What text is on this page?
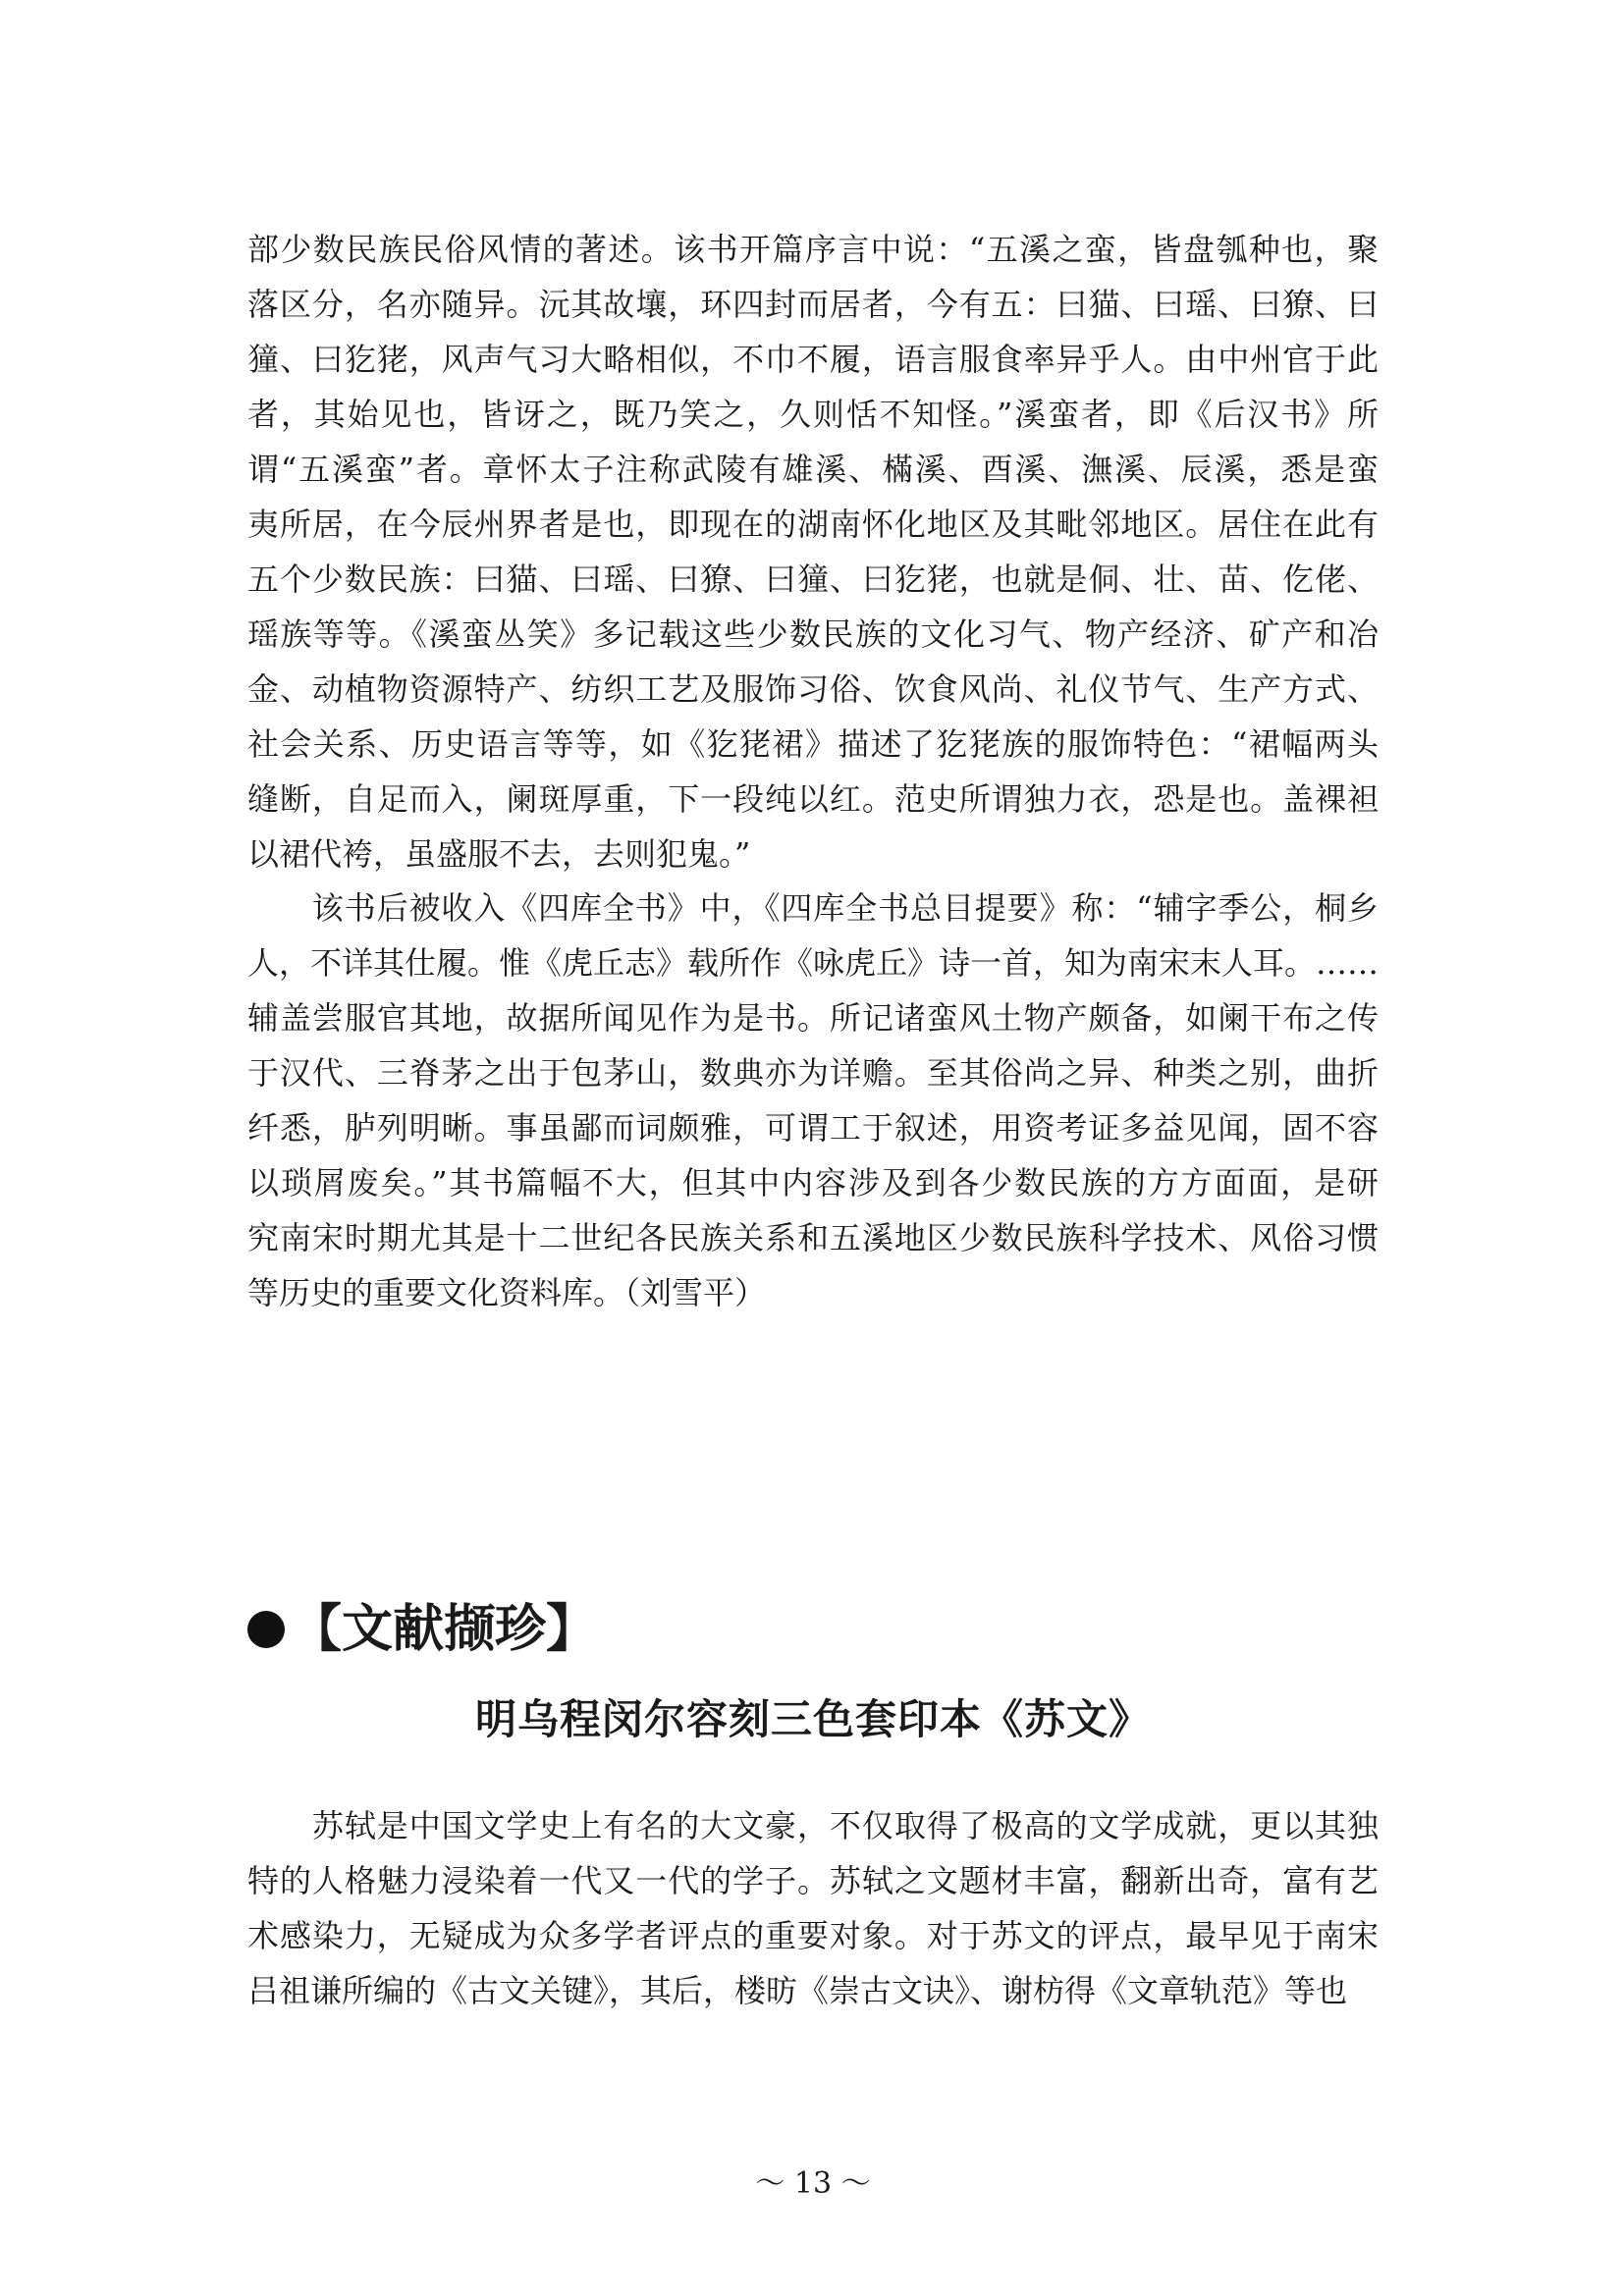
部少数民族民俗风情的著述。该书开篇序言中说：“五溪之蛮，皆盘瓠种也，聚
落区分，名亦随异。沅其故壤，环四封而居者，今有五：曰猫、曰瑶、曰獠、曰
獞、曰犵狫，风声气习大略相似，不巾不履，语言服食率异乎人。由中州官于此
者，其始见也，皆讶之，既乃笑之，久则恬不知怪。”溪蛮者，即《后汉书》所
谓“五溪蛮”者。章怀太子注称武陵有雄溪、樠溪、酉溪、潕溪、辰溪，悉是蛮
夷所居，在今辰州界者是也，即现在的湖南怀化地区及其毗邻地区。居住在此有
五个少数民族：曰猫、曰瑶、曰獠、曰獞、曰犵狫，也就是侗、壮、苗、仡佬、
瑶族等等。《溪蛮丛笑》多记载这些少数民族的文化习气、物产经济、矿产和冶
金、动植物资源特产、纺织工艺及服饰习俗、饮食风尚、礼仪节气、生产方式、
社会关系、历史语言等等，如《犵狫裙》描述了犵狫族的服饰特色：“裙幅两头
缝断，自足而入，阑斑厚重，下一段纯以红。范史所谓独力衣，恐是也。盖裸袒
以裙代袴，虽盛服不去，去则犯鬼。”
　　该书后被收入《四库全书》中，《四库全书总目提要》称：“辅字季公，桐乡
人，不详其仕履。惟《虎丘志》载所作《咏虎丘》诗一首，知为南宋末人耳。……
辅盖尝服官其地，故据所闻见作为是书。所记诸蛮风土物产颇备，如阑干布之传
于汉代、三脊茅之出于包茅山，数典亦为详赡。至其俗尚之异、种类之别，曲折
纤悉，胪列明晰。事虽鄙而词颇雅，可谓工于叙述，用资考证多益见闻，固不容
以琐屑废矣。”其书篇幅不大，但其中内容涉及到各少数民族的方方面面，是研
究南宋时期尤其是十二世纪各民族关系和五溪地区少数民族科学技术、风俗习惯
等历史的重要文化资料库。（刘雪平）
【文献撷珍】
明乌程闵尔容刻三色套印本《苏文》
　　苏轼是中国文学史上有名的大文豪，不仅取得了极高的文学成就，更以其独
特的人格魅力浸染着一代又一代的学子。苏轼之文题材丰富，翻新出奇，富有艺
术感染力，无疑成为众多学者评点的重要对象。对于苏文的评点，最早见于南宋
吕祖谦所编的《古文关键》，其后，楼昉《崇古文诀》、谢枋得《文章轨范》等也
～ 13 ～
